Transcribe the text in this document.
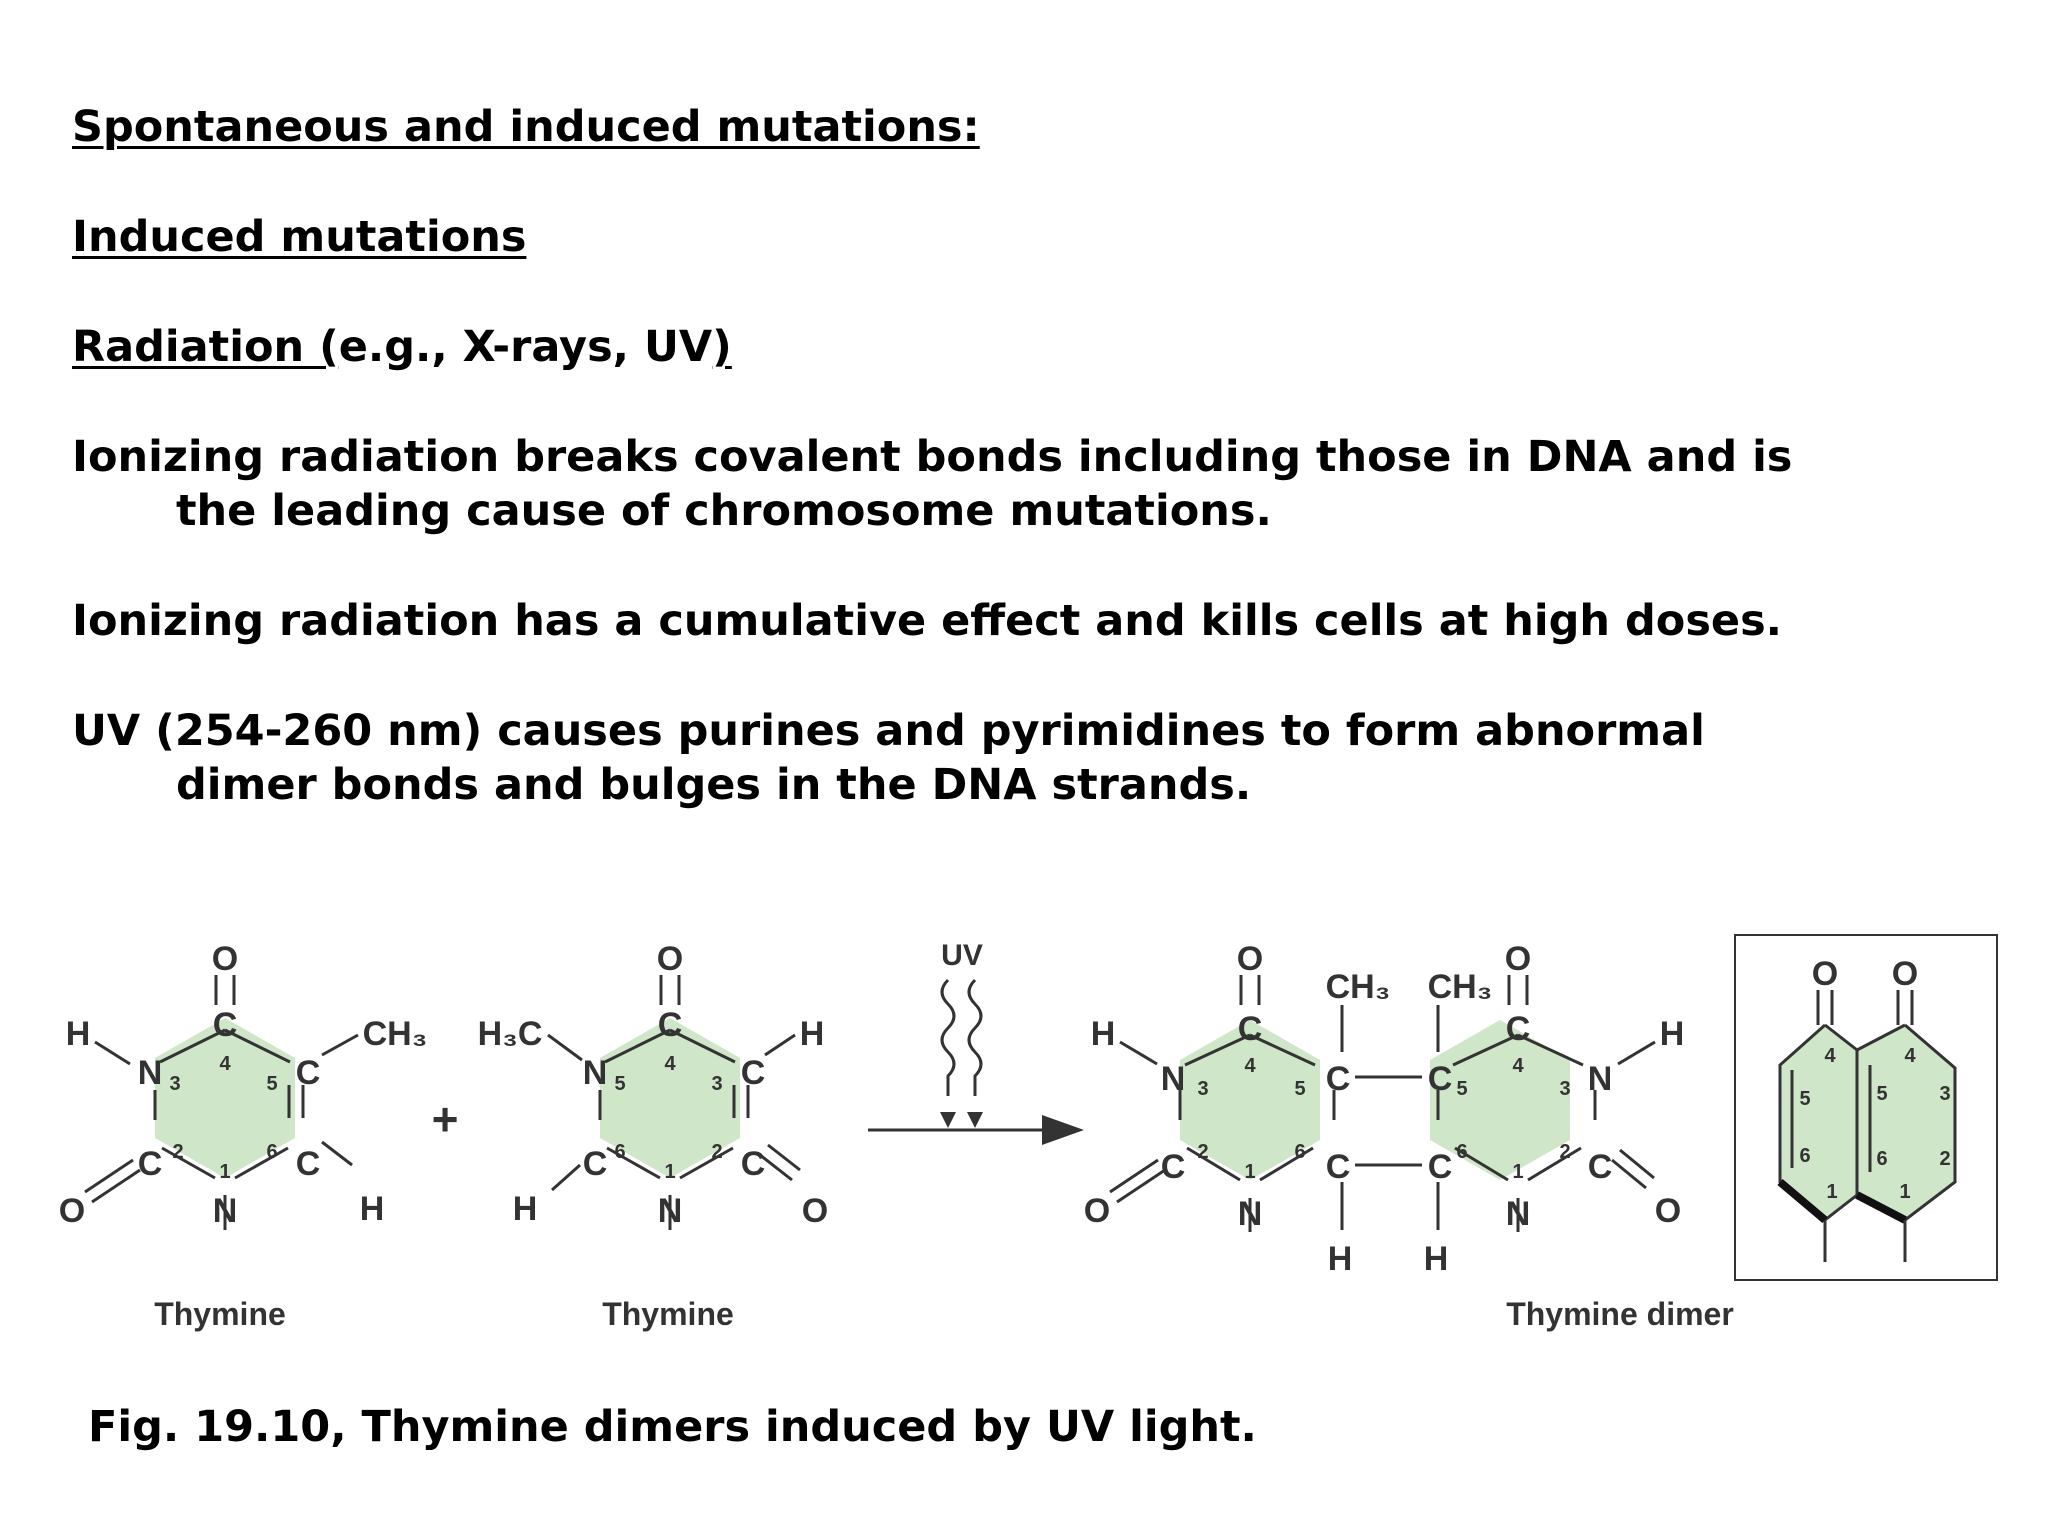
Spontaneous and induced mutations:

Induced mutations

Radiation (e.g., X-rays, UV)

Ionizing radiation breaks covalent bonds including those in DNA and is

the leading cause of chromosome mutations.

Ionizing radiation has a cumulative effect and kills cells at high doses.

UV (254-260 nm) causes purines and pyrimidines to form abnormal

dimer bonds and bulges in the DNA strands.

O
C
N	C
C	C
N
H	CH₃
H
O
1
2
3
4
5
6
Thymine
+
O
C
N	C
C	C
N
H₃C	H
H	O
1
2
3
4
5
6
Thymine
UV	O
C
N	C
C	C
N
H
O
CH₃
H
O
C
C	N
C	C
N
H
O
CH₃
H
1
2
3
4
5
6
1
2
3
4
5
6
Thymine dimer
O O
4
5
6
1
4
5	3
6	2
1

Fig. 19.10, Thymine dimers induced by UV light.
